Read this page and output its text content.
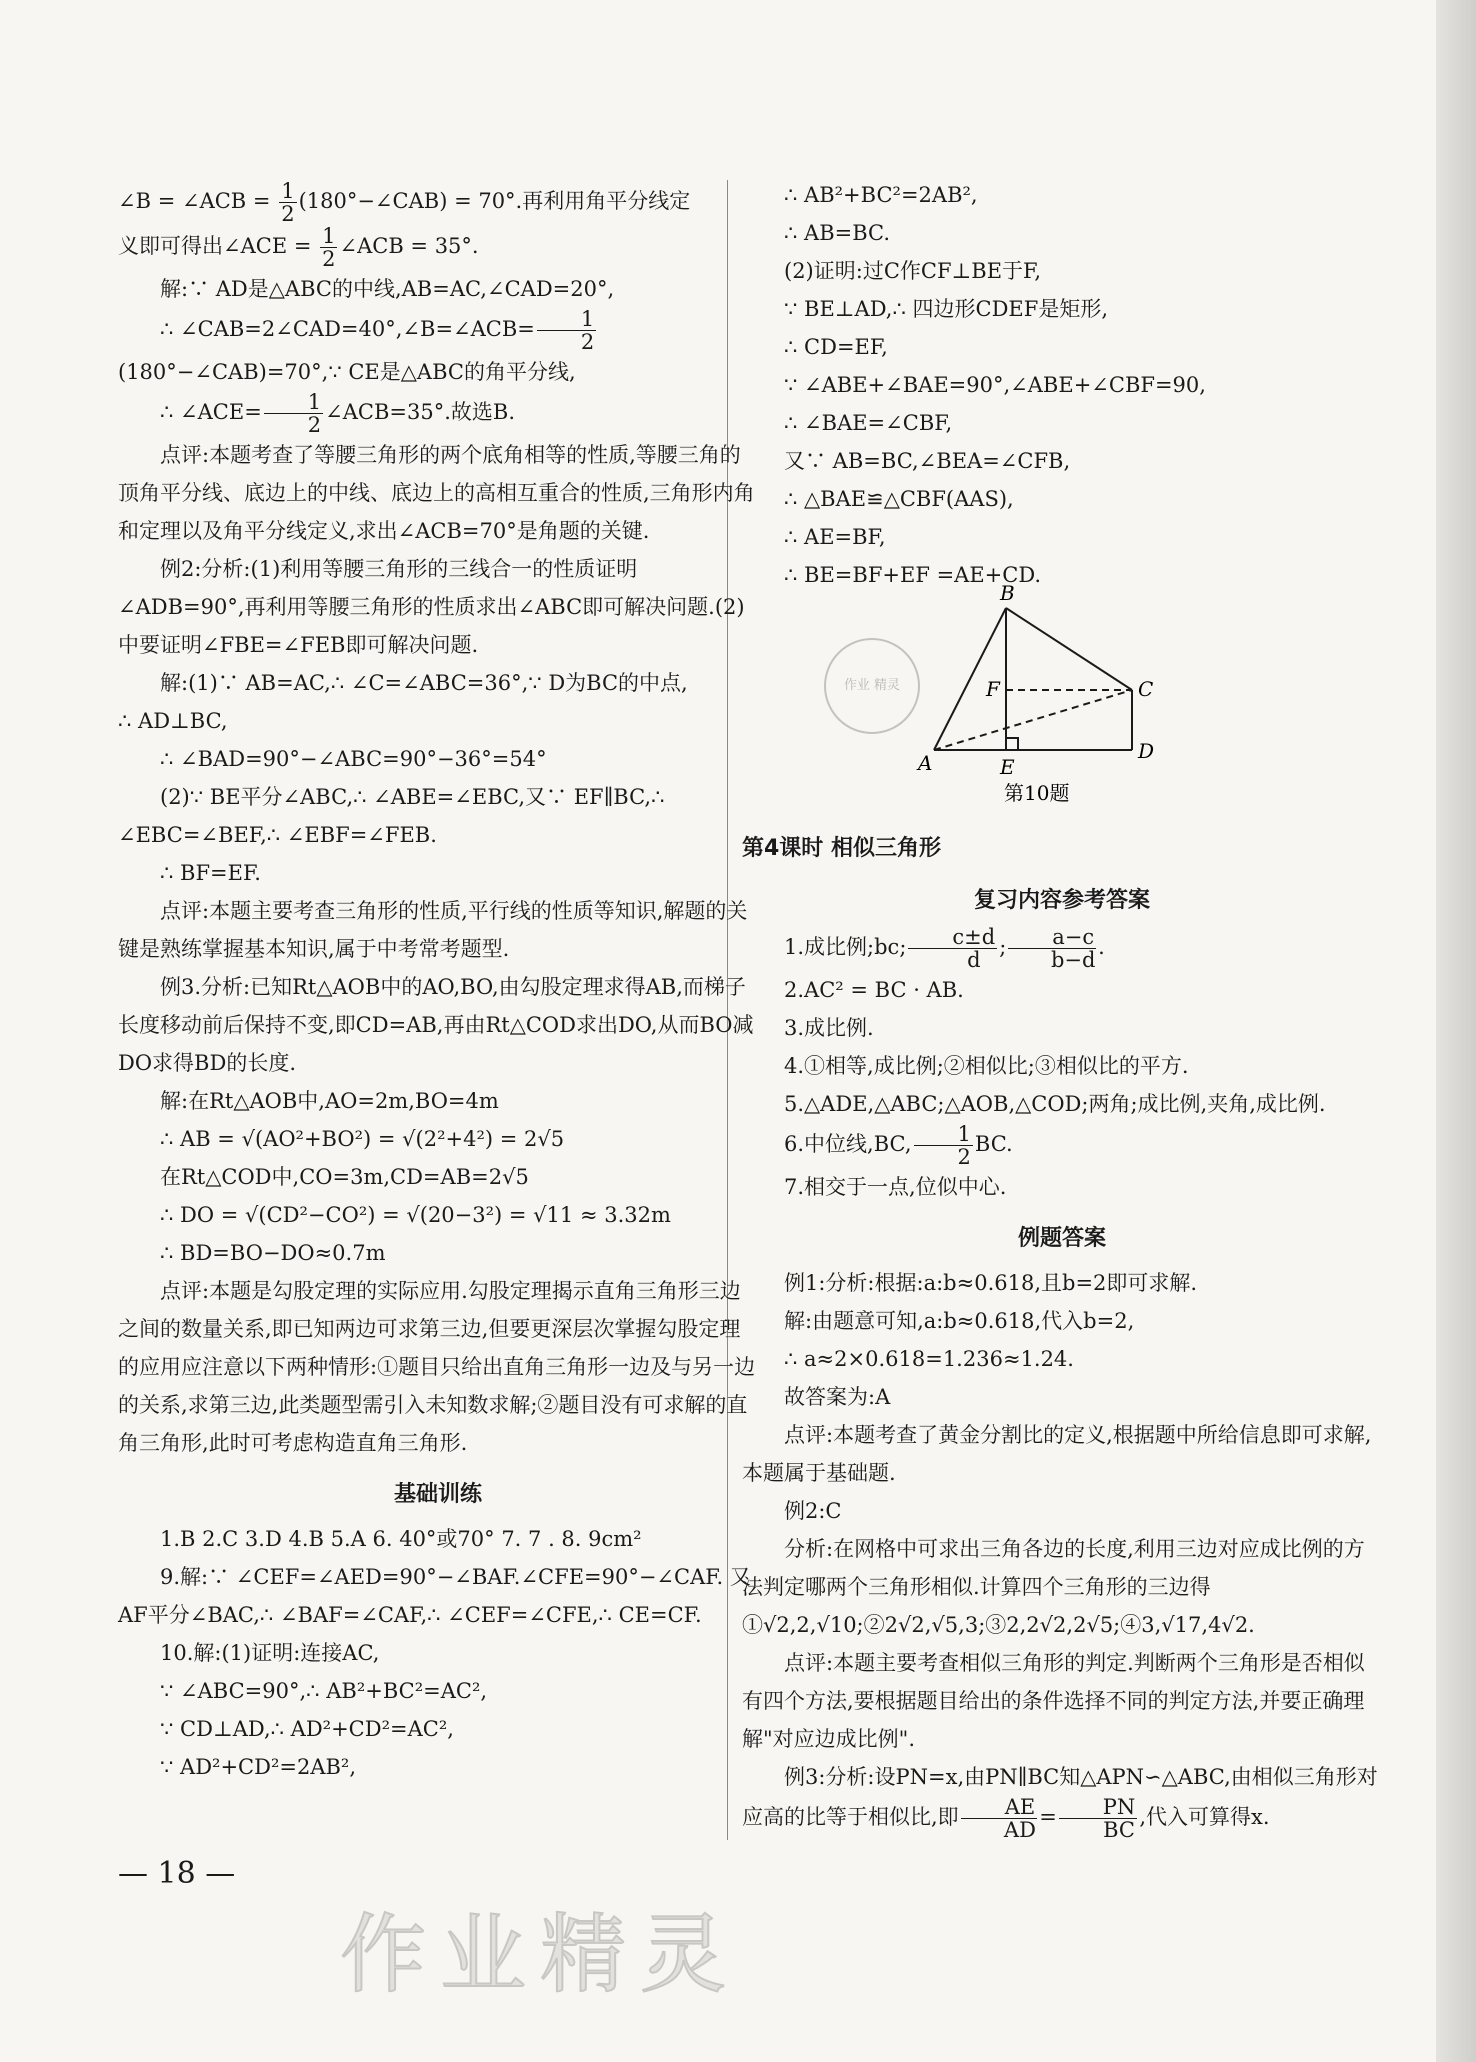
∠B = ∠ACB = $\frac{1}{2}$ (180°−∠CAB) = 70°.再利用角平分线定

义即可得出∠ACE = $\frac{1}{2}$ ∠ACB = 35°.

解:∵ AD是△ABC的中线,AB=AC,∠CAD=20°,

∴ ∠CAB=2∠CAD=40°,∠B=∠ACB= $\frac{1}{2}$

(180°−∠CAB)=70°,∵ CE是△ABC的角平分线,

∴ ∠ACE= $\frac{1}{2}$ ∠ACB=35°.故选B.

点评:本题考查了等腰三角形的两个底角相等的性质,等腰三角的顶角平分线、底边上的中线、底边上的高相互重合的性质,三角形内角和定理以及角平分线定义,求出∠ACB=70°是角题的关键.

例2:分析:(1)利用等腰三角形的三线合一的性质证明∠ADB=90°,再利用等腰三角形的性质求出∠ABC即可解决问题.(2)中要证明∠FBE=∠FEB即可解决问题.

解:(1)∵ AB=AC,∴ ∠C=∠ABC=36°,∵ D为BC的中点,

∴ AD⊥BC,

∴ ∠BAD=90°−∠ABC=90°−36°=54°

(2)∵ BE平分∠ABC,∴ ∠ABE=∠EBC,又∵ EF∥BC,∴ ∠EBC=∠BEF,∴ ∠EBF=∠FEB.

∴ BF=EF.

点评:本题主要考查三角形的性质,平行线的性质等知识,解题的关键是熟练掌握基本知识,属于中考常考题型.

例3.分析:已知Rt△AOB中的AO,BO,由勾股定理求得AB,而梯子长度移动前后保持不变,即CD=AB,再由Rt△COD求出DO,从而BO减DO求得BD的长度.

解:在Rt△AOB中,AO=2m,BO=4m

∴ AB = √(AO²+BO²) = √(2²+4²) = 2√5

在Rt△COD中,CO=3m,CD=AB=2√5

∴ DO = √(CD²−CO²) = √(20−3²) = √11 ≈ 3.32m

∴ BD=BO−DO≈0.7m

点评:本题是勾股定理的实际应用.勾股定理揭示直角三角形三边之间的数量关系,即已知两边可求第三边,但要更深层次掌握勾股定理的应用应注意以下两种情形:①题目只给出直角三角形一边及与另一边的关系,求第三边,此类题型需引入未知数求解;②题目没有可求解的直角三角形,此时可考虑构造直角三角形.

基础训练

1.B 2.C 3.D 4.B 5.A 6. 40°或70° 7. 7 . 8. 9cm²

9.解:∵ ∠CEF=∠AED=90°−∠BAF.∠CFE=90°−∠CAF. 又AF平分∠BAC,∴ ∠BAF=∠CAF,∴ ∠CEF=∠CFE,∴ CE=CF.

10.解:(1)证明:连接AC,

∵ ∠ABC=90°,∴ AB²+BC²=AC²,

∵ CD⊥AD,∴ AD²+CD²=AC²,

∵ AD²+CD²=2AB²,

∴ AB²+BC²=2AB²,

∴ AB=BC.

(2)证明:过C作CF⊥BE于F,

∵ BE⊥AD,∴ 四边形CDEF是矩形,

∴ CD=EF,

∵ ∠ABE+∠BAE=90°,∠ABE+∠CBF=90,

∴ ∠BAE=∠CBF,

又∵ AB=BC,∠BEA=∠CFB,

∴ △BAE≌△CBF(AAS),

∴ AE=BF,

∴ BE=BF+EF =AE+CD.

B
F	C
A	E
D
第10题
作业 精灵
第4课时 相似三角形
复习内容参考答案

1.成比例;bc; $\frac{c\pm d}{d}$ ; $\frac{a-c}{b-d}$ .

2.AC² = BC · AB.

3.成比例.

4.①相等,成比例;②相似比;③相似比的平方.

5.△ADE,△ABC;△AOB,△COD;两角;成比例,夹角,成比例.

6.中位线,BC, $\frac{1}{2}$ BC.

7.相交于一点,位似中心.

例题答案

例1:分析:根据:a:b≈0.618,且b=2即可求解.

解:由题意可知,a:b≈0.618,代入b=2,

∴ a≈2×0.618=1.236≈1.24.

故答案为:A

点评:本题考查了黄金分割比的定义,根据题中所给信息即可求解,本题属于基础题.

例2:C

分析:在网格中可求出三角各边的长度,利用三边对应成比例的方法判定哪两个三角形相似.计算四个三角形的三边得①√2,2,√10;②2√2,√5,3;③2,2√2,2√5;④3,√17,4√2.

点评:本题主要考查相似三角形的判定.判断两个三角形是否相似有四个方法,要根据题目给出的条件选择不同的判定方法,并要正确理解"对应边成比例".

例3:分析:设PN=x,由PN∥BC知△APN∽△ABC,由相似三角形对应高的比等于相似比,即 $\frac{AE}{AD} = \frac{PN}{BC}$ ,代入可算得x.

— 18 —
作业精灵
